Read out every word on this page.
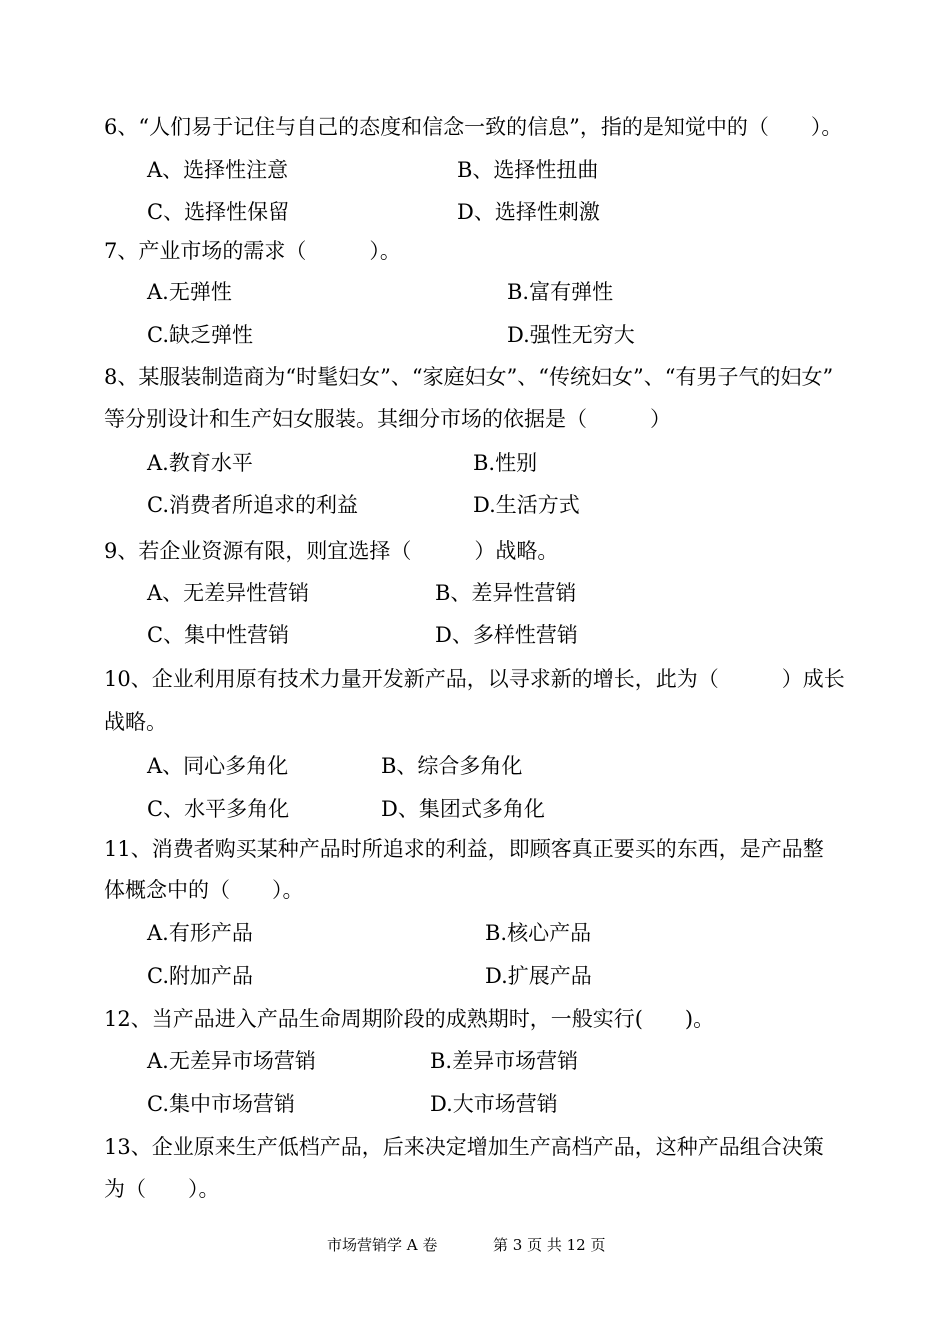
6、“人们易于记住与自己的态度和信念一致的信息”，指的是知觉中的（　　）。
A、选择性注意	B、选择性扭曲
C、选择性保留	D、选择性刺激
7、产业市场的需求（　　　）。
A.无弹性	B.富有弹性
C.缺乏弹性	D.强性无穷大
8、某服装制造商为“时髦妇女”、“家庭妇女”、“传统妇女”、“有男子气的妇女”
等分别设计和生产妇女服装。其细分市场的依据是（　　　）
A.教育水平	B.性别
C.消费者所追求的利益	D.生活方式
9、若企业资源有限，则宜选择（　　　）战略。
A、无差异性营销	B、差异性营销
C、集中性营销	D、多样性营销
10、企业利用原有技术力量开发新产品，以寻求新的增长，此为（　　　）成长
战略。
A、同心多角化	B、综合多角化
C、水平多角化	D、集团式多角化
11、消费者购买某种产品时所追求的利益，即顾客真正要买的东西，是产品整
体概念中的（　　）。
A.有形产品	B.核心产品
C.附加产品	D.扩展产品
12、当产品进入产品生命周期阶段的成熟期时，一般实行(　　)。
A.无差异市场营销	B.差异市场营销
C.集中市场营销	D.大市场营销
13、企业原来生产低档产品，后来决定增加生产高档产品，这种产品组合决策
为（　　）。
市场营销学 A 卷	第 3 页 共 12 页
